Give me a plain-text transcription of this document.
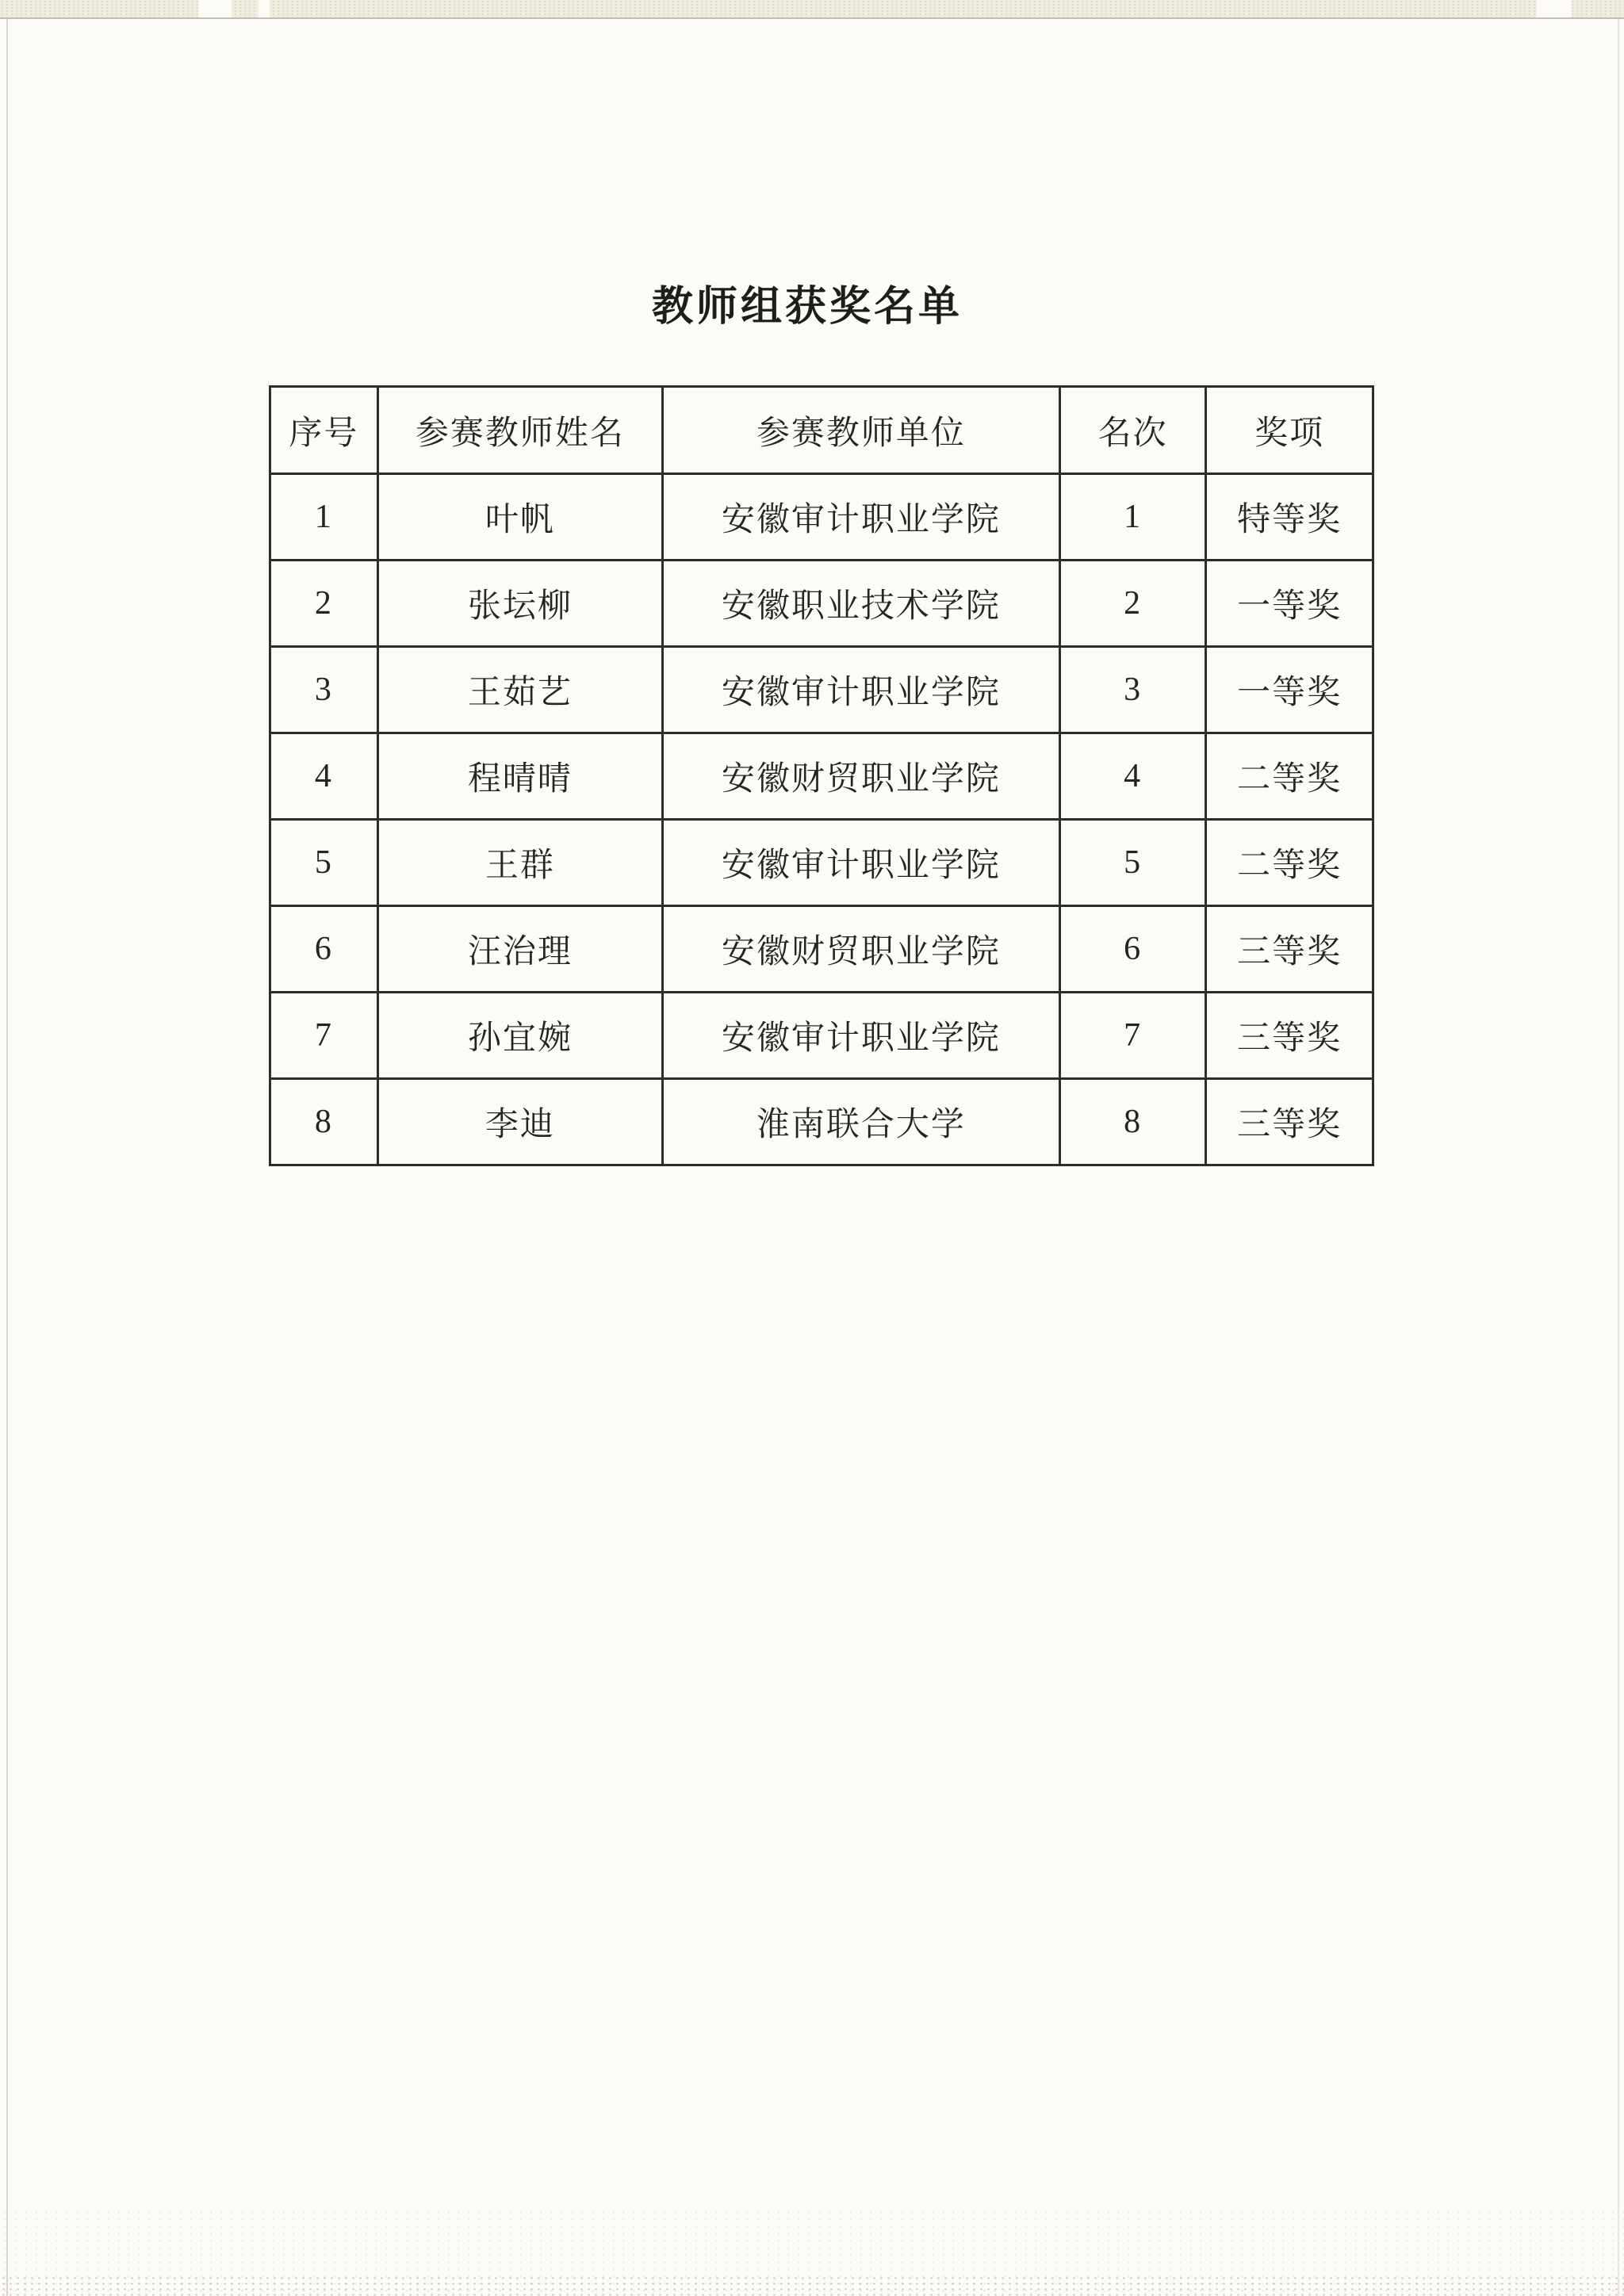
教师组获奖名单
序号	参赛教师姓名	参赛教师单位	名次	奖项
1	叶帆	安徽审计职业学院	1	特等奖
2	张坛柳	安徽职业技术学院	2	一等奖
3	王茹艺	安徽审计职业学院	3	一等奖
4	程晴晴	安徽财贸职业学院	4	二等奖
5	王群	安徽审计职业学院	5	二等奖
6	汪治理	安徽财贸职业学院	6	三等奖
7	孙宜婉	安徽审计职业学院	7	三等奖
8	李迪	淮南联合大学	8	三等奖
